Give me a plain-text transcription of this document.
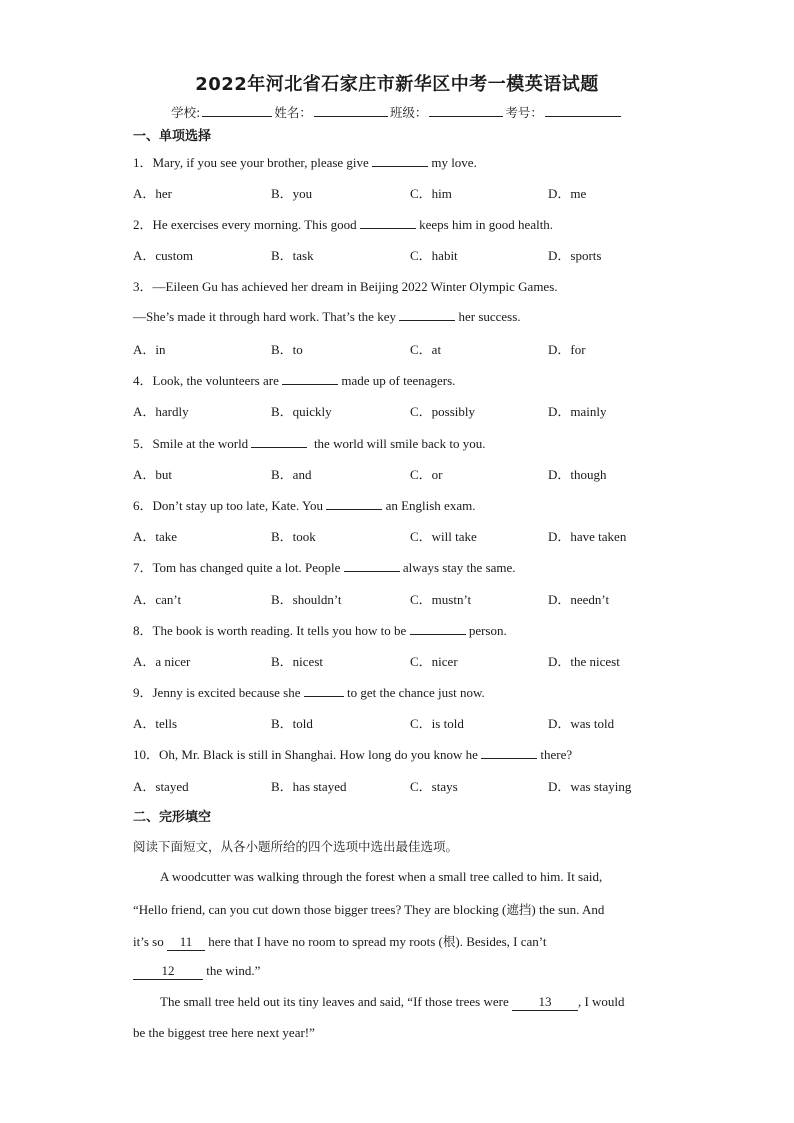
2022年河北省石家庄市新华区中考一模英语试题
学校:	姓名：	班级：	考号：
一、单项选择
1．Mary, if you see your brother, please give	my love.
A．her	B．you	C．him	D．me
2．He exercises every morning. This good	keeps him in good health.
A．custom	B．task	C．habit	D．sports
3．—Eileen Gu has achieved her dream in Beijing 2022 Winter Olympic Games.
—She’s made it through hard work. That’s the key	her success.
A．in	B．to	C．at	D．for
4．Look, the volunteers are	made up of teenagers.
A．hardly	B．quickly	C．possibly	D．mainly
5．Smile at the world	the world will smile back to you.
A．but	B．and	C．or	D．though
6．Don’t stay up too late, Kate. You	an English exam.
A．take	B．took	C．will take	D．have taken
7．Tom has changed quite a lot. People	always stay the same.
A．can’t	B．shouldn’t	C．mustn’t	D．needn’t
8．The book is worth reading. It tells you how to be	person.
A．a nicer	B．nicest	C．nicer	D．the nicest
9．Jenny is excited because she	to get the chance just now.
A．tells	B．told	C．is told	D．was told
10．Oh, Mr. Black is still in Shanghai. How long do you know he	there?
A．stayed	B．has stayed	C．stays	D．was staying
二、完形填空
阅读下面短文，从各小题所给的四个选项中选出最佳选项。
A woodcutter was walking through the forest when a small tree called to him. It said,
“Hello friend, can you cut down those bigger trees? They are blocking (遮挡) the sun. And
it’s so 11 here that I have no room to spread my roots (根). Besides, I can’t
12 the wind.”
The small tree held out its tiny leaves and said, “If those trees were 13 , I would
be the biggest tree here next year!”
